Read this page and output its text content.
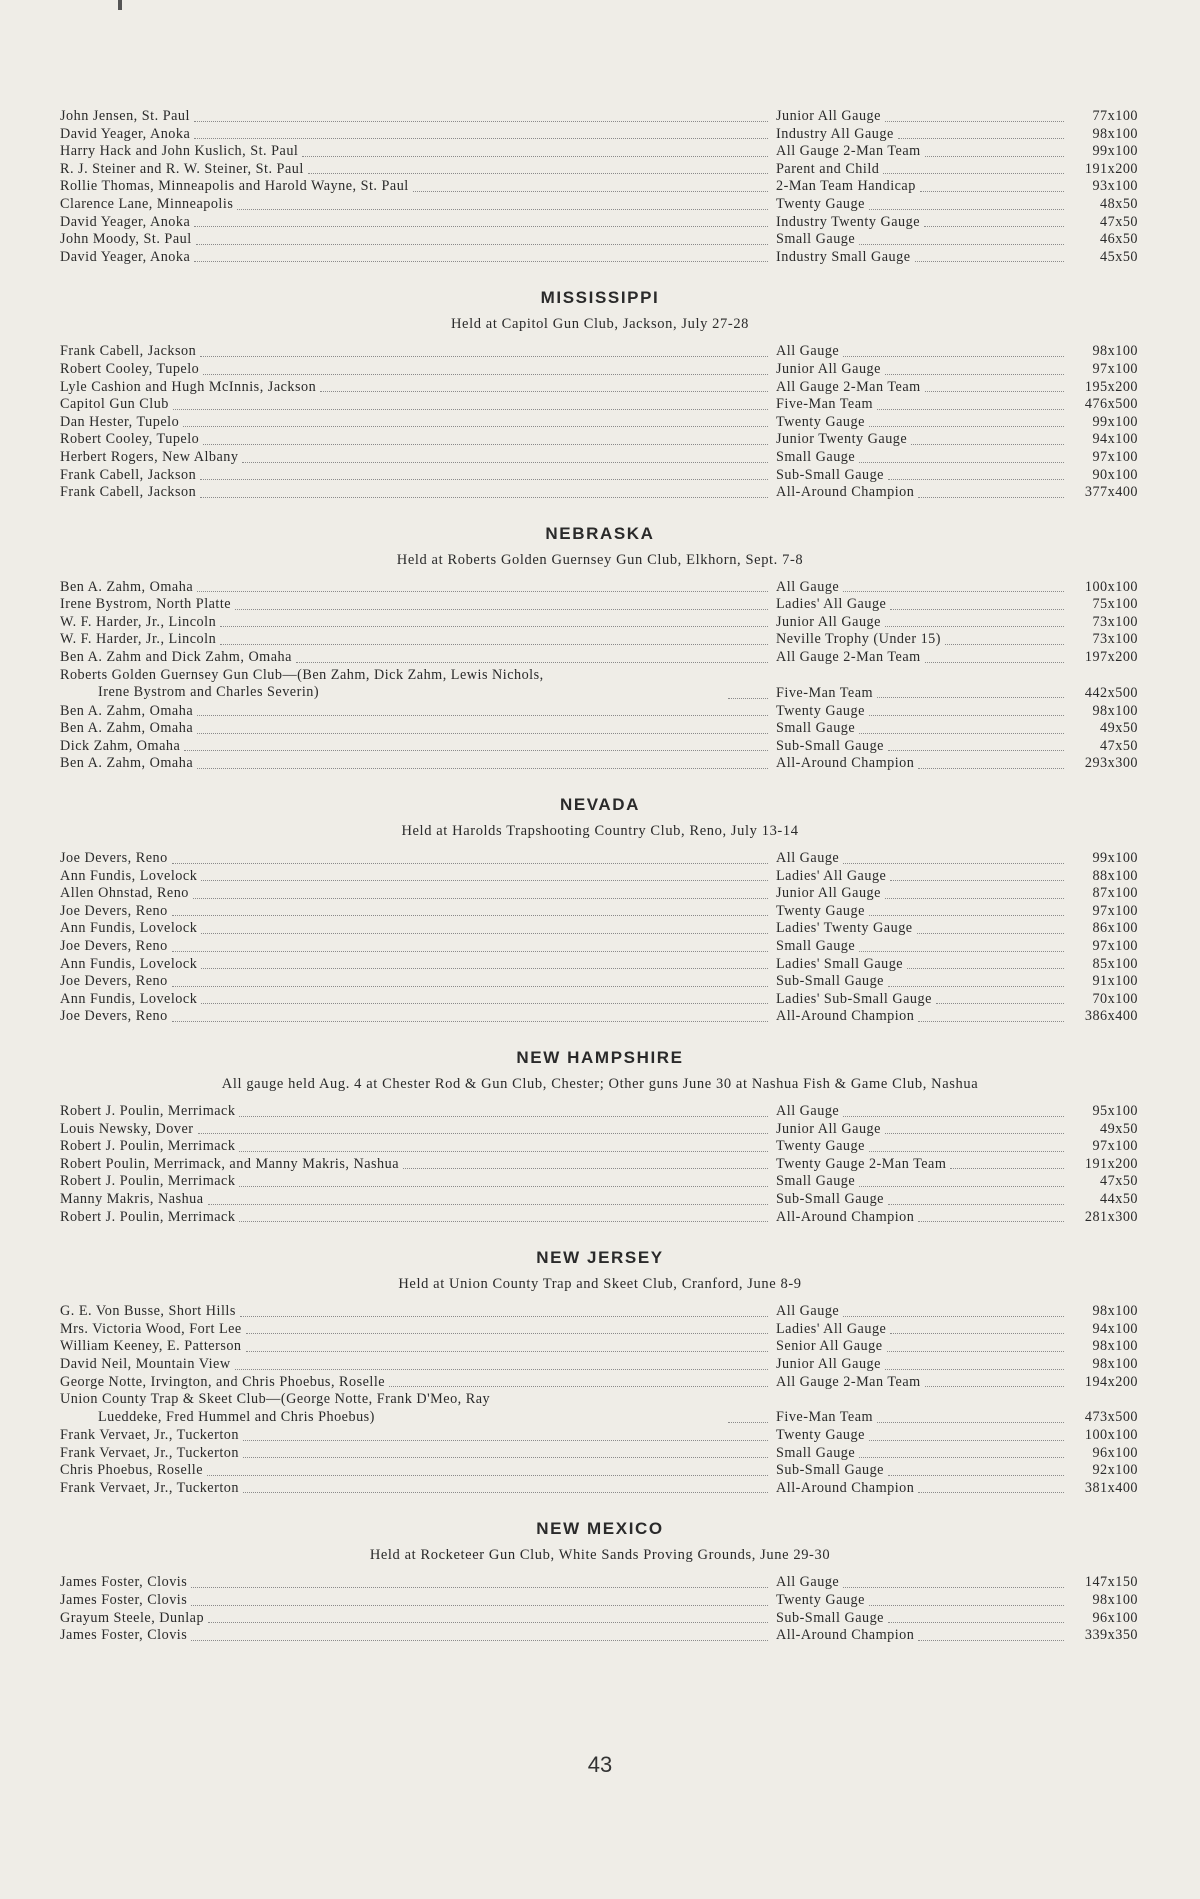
John Jensen, St. Paul	Junior All Gauge	77x100
David Yeager, Anoka	Industry All Gauge	98x100
Harry Hack and John Kuslich, St. Paul	All Gauge 2-Man Team	99x100
R. J. Steiner and R. W. Steiner, St. Paul	Parent and Child	191x200
Rollie Thomas, Minneapolis and Harold Wayne, St. Paul	2-Man Team Handicap	93x100
Clarence Lane, Minneapolis	Twenty Gauge	48x50
David Yeager, Anoka	Industry Twenty Gauge	47x50
John Moody, St. Paul	Small Gauge	46x50
David Yeager, Anoka	Industry Small Gauge	45x50
MISSISSIPPI
Held at Capitol Gun Club, Jackson, July 27-28
Frank Cabell, Jackson	All Gauge	98x100
Robert Cooley, Tupelo	Junior All Gauge	97x100
Lyle Cashion and Hugh McInnis, Jackson	All Gauge 2-Man Team	195x200
Capitol Gun Club	Five-Man Team	476x500
Dan Hester, Tupelo	Twenty Gauge	99x100
Robert Cooley, Tupelo	Junior Twenty Gauge	94x100
Herbert Rogers, New Albany	Small Gauge	97x100
Frank Cabell, Jackson	Sub-Small Gauge	90x100
Frank Cabell, Jackson	All-Around Champion	377x400
NEBRASKA
Held at Roberts Golden Guernsey Gun Club, Elkhorn, Sept. 7-8
Ben A. Zahm, Omaha	All Gauge	100x100
Irene Bystrom, North Platte	Ladies' All Gauge	75x100
W. F. Harder, Jr., Lincoln	Junior All Gauge	73x100
W. F. Harder, Jr., Lincoln	Neville Trophy (Under 15)	73x100
Ben A. Zahm and Dick Zahm, Omaha	All Gauge 2-Man Team	197x200
Roberts Golden Guernsey Gun Club—(Ben Zahm, Dick Zahm, Lewis Nichols,
Irene Bystrom and Charles Severin)	Five-Man Team	442x500
Ben A. Zahm, Omaha	Twenty Gauge	98x100
Ben A. Zahm, Omaha	Small Gauge	49x50
Dick Zahm, Omaha	Sub-Small Gauge	47x50
Ben A. Zahm, Omaha	All-Around Champion	293x300
NEVADA
Held at Harolds Trapshooting Country Club, Reno, July 13-14
Joe Devers, Reno	All Gauge	99x100
Ann Fundis, Lovelock	Ladies' All Gauge	88x100
Allen Ohnstad, Reno	Junior All Gauge	87x100
Joe Devers, Reno	Twenty Gauge	97x100
Ann Fundis, Lovelock	Ladies' Twenty Gauge	86x100
Joe Devers, Reno	Small Gauge	97x100
Ann Fundis, Lovelock	Ladies' Small Gauge	85x100
Joe Devers, Reno	Sub-Small Gauge	91x100
Ann Fundis, Lovelock	Ladies' Sub-Small Gauge	70x100
Joe Devers, Reno	All-Around Champion	386x400
NEW HAMPSHIRE
All gauge held Aug. 4 at Chester Rod & Gun Club, Chester; Other guns June 30 at Nashua Fish & Game Club, Nashua
Robert J. Poulin, Merrimack	All Gauge	95x100
Louis Newsky, Dover	Junior All Gauge	49x50
Robert J. Poulin, Merrimack	Twenty Gauge	97x100
Robert Poulin, Merrimack, and Manny Makris, Nashua	Twenty Gauge 2-Man Team	191x200
Robert J. Poulin, Merrimack	Small Gauge	47x50
Manny Makris, Nashua	Sub-Small Gauge	44x50
Robert J. Poulin, Merrimack	All-Around Champion	281x300
NEW JERSEY
Held at Union County Trap and Skeet Club, Cranford, June 8-9
G. E. Von Busse, Short Hills	All Gauge	98x100
Mrs. Victoria Wood, Fort Lee	Ladies' All Gauge	94x100
William Keeney, E. Patterson	Senior All Gauge	98x100
David Neil, Mountain View	Junior All Gauge	98x100
George Notte, Irvington, and Chris Phoebus, Roselle	All Gauge 2-Man Team	194x200
Union County Trap & Skeet Club—(George Notte, Frank D'Meo, Ray
Lueddeke, Fred Hummel and Chris Phoebus)	Five-Man Team	473x500
Frank Vervaet, Jr., Tuckerton	Twenty Gauge	100x100
Frank Vervaet, Jr., Tuckerton	Small Gauge	96x100
Chris Phoebus, Roselle	Sub-Small Gauge	92x100
Frank Vervaet, Jr., Tuckerton	All-Around Champion	381x400
NEW MEXICO
Held at Rocketeer Gun Club, White Sands Proving Grounds, June 29-30
James Foster, Clovis	All Gauge	147x150
James Foster, Clovis	Twenty Gauge	98x100
Grayum Steele, Dunlap	Sub-Small Gauge	96x100
James Foster, Clovis	All-Around Champion	339x350
43
